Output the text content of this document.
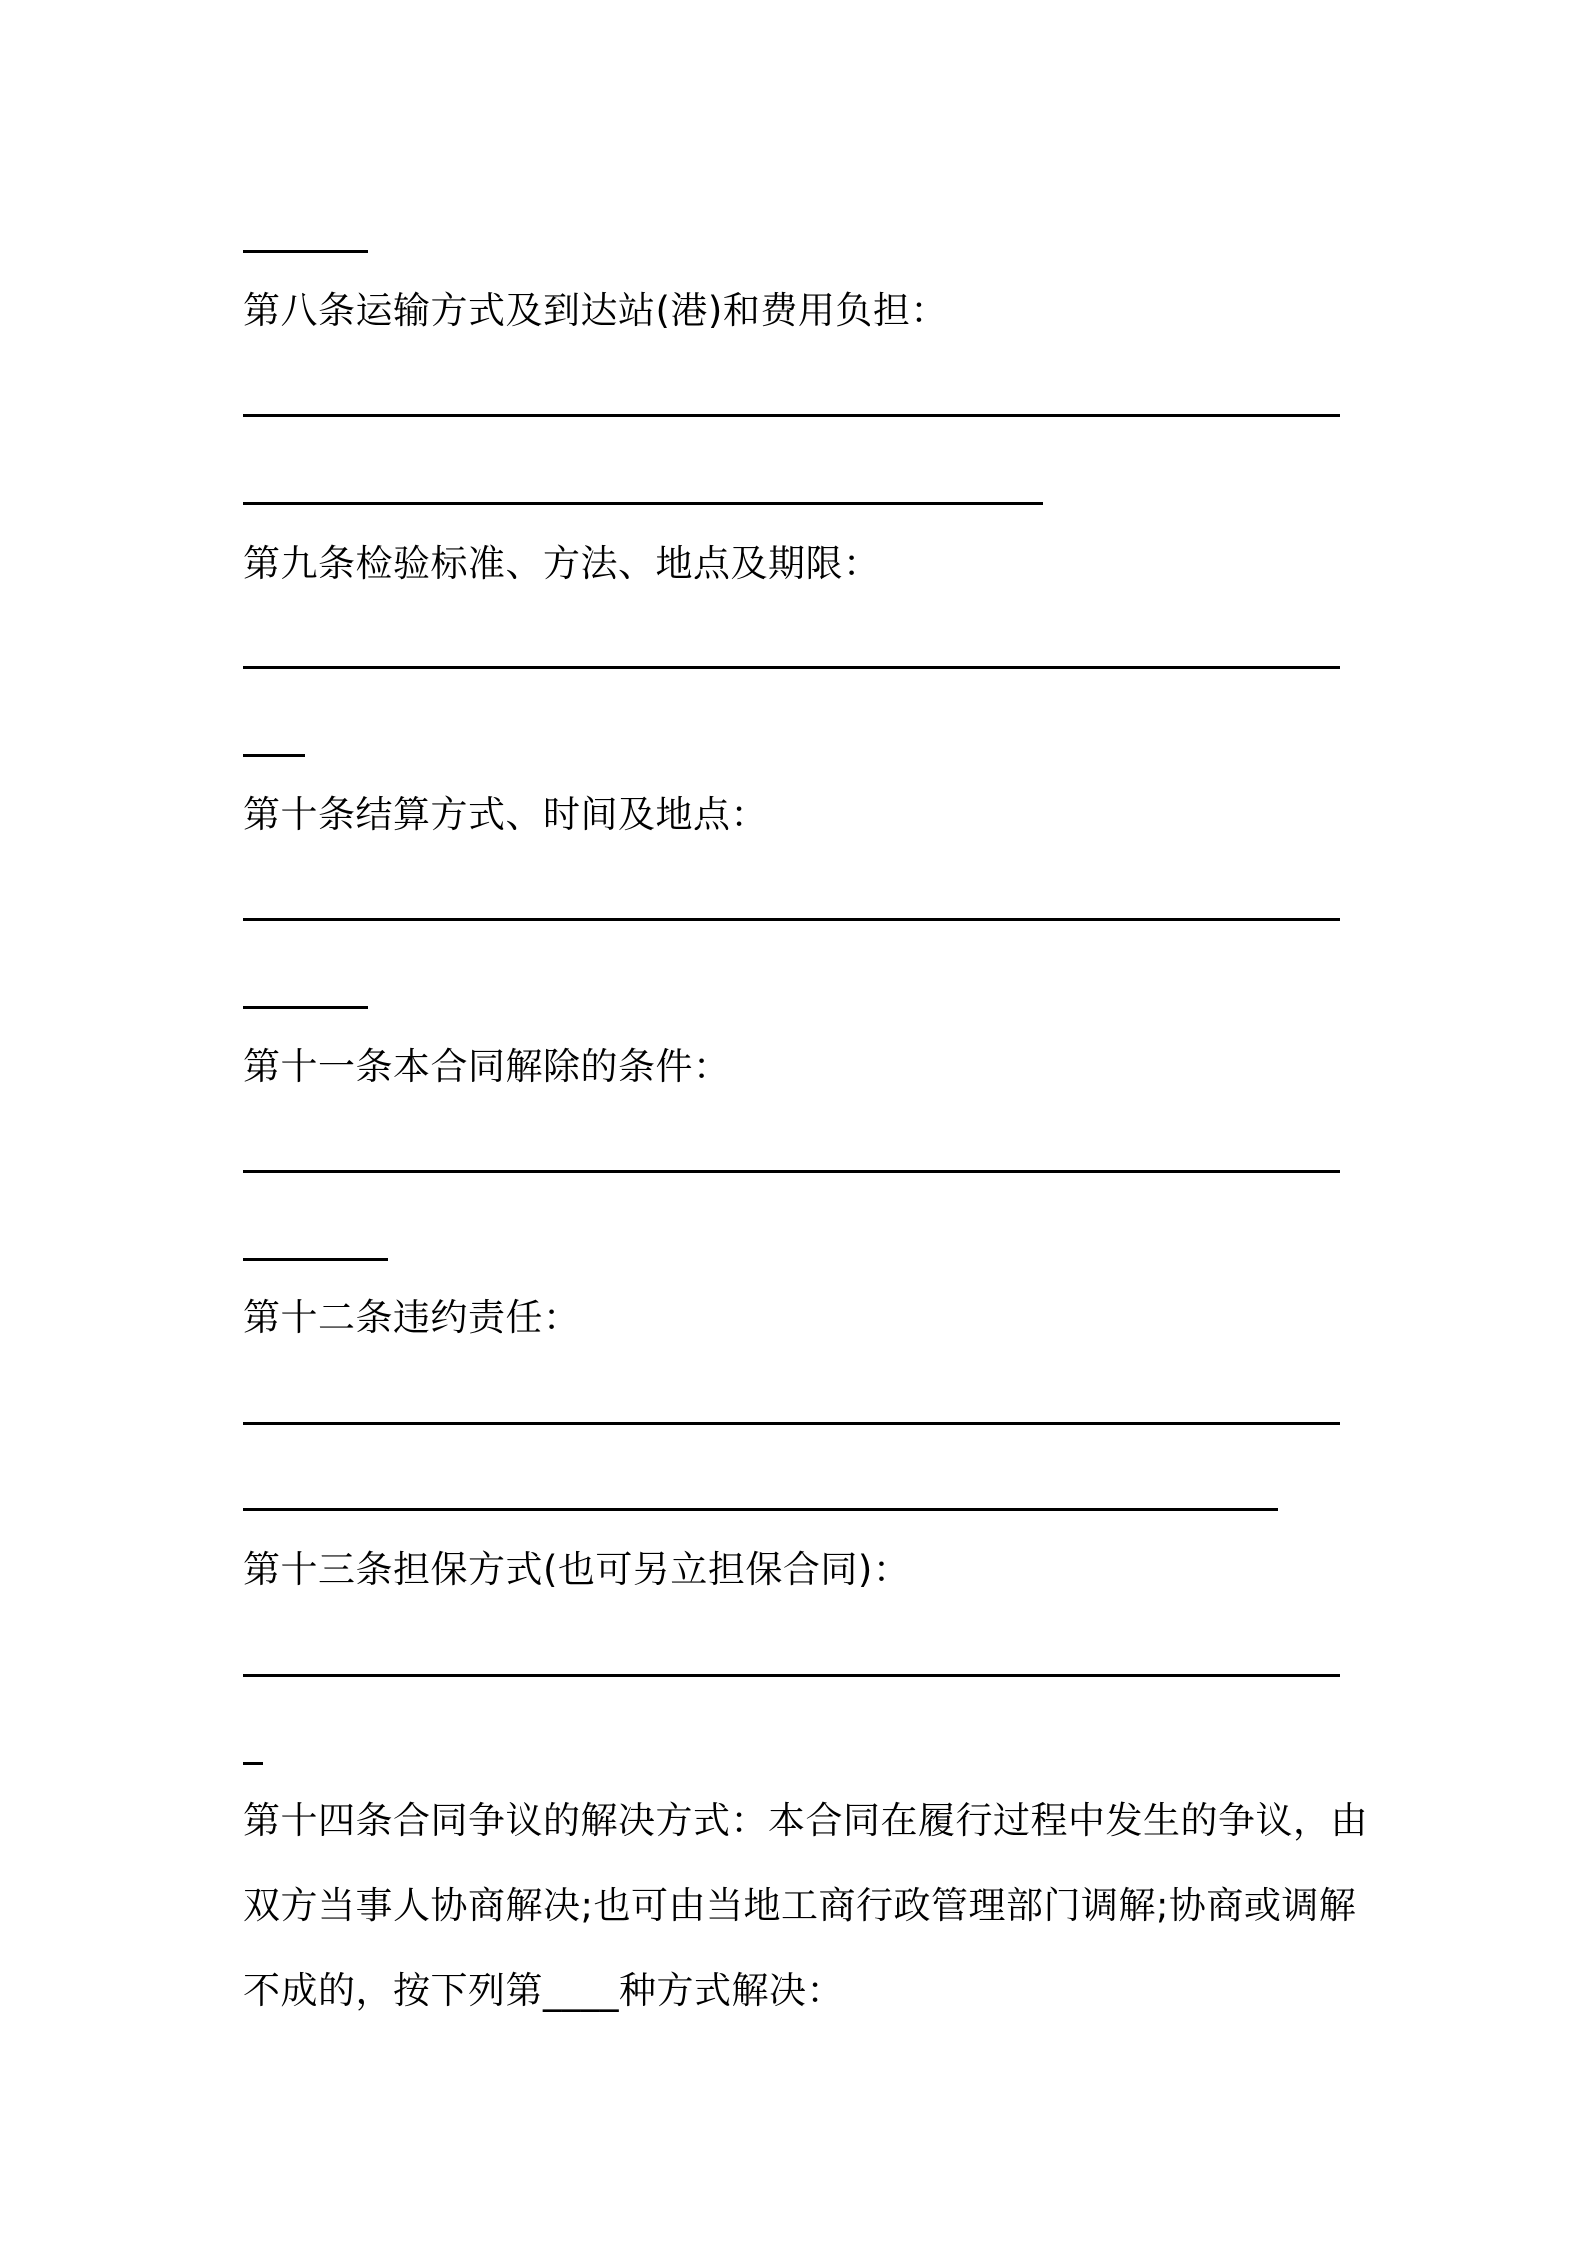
第八条运输方式及到达站(港)和费用负担：
第九条检验标准、方法、地点及期限：
第十条结算方式、时间及地点：
第十一条本合同解除的条件：
第十二条违约责任：
第十三条担保方式(也可另立担保合同)：
第十四条合同争议的解决方式：本合同在履行过程中发生的争议，由
双方当事人协商解决;也可由当地工商行政管理部门调解;协商或调解
不成的，按下列第____种方式解决：
